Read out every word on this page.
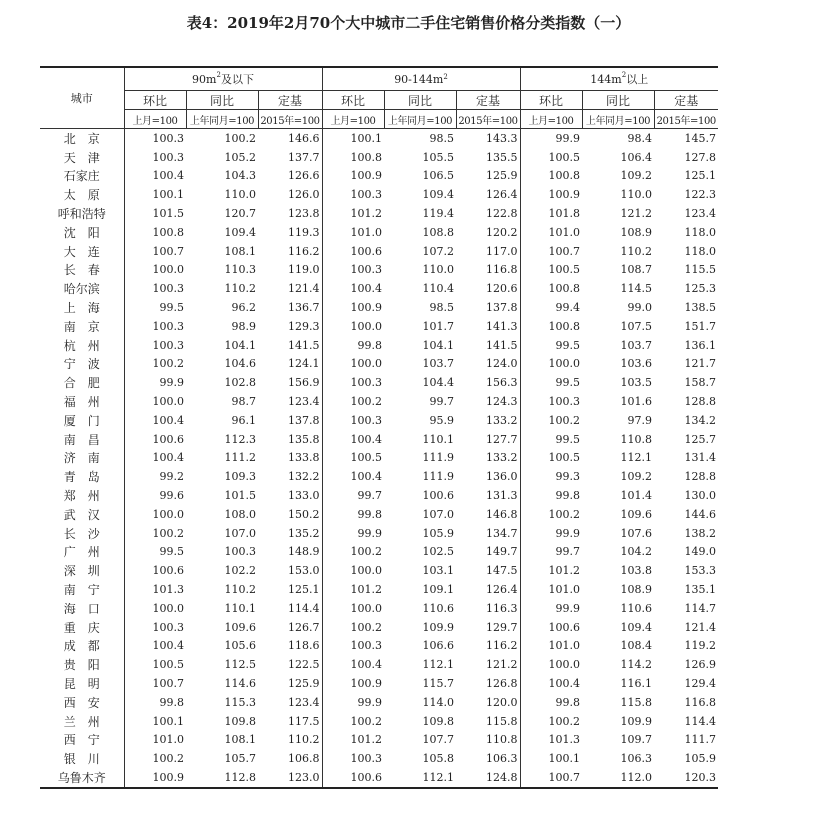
表4：2019年2月70个大中城市二手住宅销售价格分类指数（一）
城市	$90m^2$及以下			$90-144m^2$			$144m^2$以上		
	环比	同比	定基	环比	同比	定基	环比	同比	定基
	上月=100	上年同月=100	2015年=100	上月=100	上年同月=100	2015年=100	上月=100	上年同月=100	2015年=100
北　京	100.3	100.2	146.6	100.1	98.5	143.3	99.9	98.4	145.7
天　津	100.3	105.2	137.7	100.8	105.5	135.5	100.5	106.4	127.8
石家庄	100.4	104.3	126.6	100.9	106.5	125.9	100.8	109.2	125.1
太　原	100.1	110.0	126.0	100.3	109.4	126.4	100.9	110.0	122.3
呼和浩特	101.5	120.7	123.8	101.2	119.4	122.8	101.8	121.2	123.4
沈　阳	100.8	109.4	119.3	101.0	108.8	120.2	101.0	108.9	118.0
大　连	100.7	108.1	116.2	100.6	107.2	117.0	100.7	110.2	118.0
长　春	100.0	110.3	119.0	100.3	110.0	116.8	100.5	108.7	115.5
哈尔滨	100.3	110.2	121.4	100.4	110.4	120.6	100.8	114.5	125.3
上　海	99.5	96.2	136.7	100.9	98.5	137.8	99.4	99.0	138.5
南　京	100.3	98.9	129.3	100.0	101.7	141.3	100.8	107.5	151.7
杭　州	100.3	104.1	141.5	99.8	104.1	141.5	99.5	103.7	136.1
宁　波	100.2	104.6	124.1	100.0	103.7	124.0	100.0	103.6	121.7
合　肥	99.9	102.8	156.9	100.3	104.4	156.3	99.5	103.5	158.7
福　州	100.0	98.7	123.4	100.2	99.7	124.3	100.3	101.6	128.8
厦　门	100.4	96.1	137.8	100.3	95.9	133.2	100.2	97.9	134.2
南　昌	100.6	112.3	135.8	100.4	110.1	127.7	99.5	110.8	125.7
济　南	100.4	111.2	133.8	100.5	111.9	133.2	100.5	112.1	131.4
青　岛	99.2	109.3	132.2	100.4	111.9	136.0	99.3	109.2	128.8
郑　州	99.6	101.5	133.0	99.7	100.6	131.3	99.8	101.4	130.0
武　汉	100.0	108.0	150.2	99.8	107.0	146.8	100.2	109.6	144.6
长　沙	100.2	107.0	135.2	99.9	105.9	134.7	99.9	107.6	138.2
广　州	99.5	100.3	148.9	100.2	102.5	149.7	99.7	104.2	149.0
深　圳	100.6	102.2	153.0	100.0	103.1	147.5	101.2	103.8	153.3
南　宁	101.3	110.2	125.1	101.2	109.1	126.4	101.0	108.9	135.1
海　口	100.0	110.1	114.4	100.0	110.6	116.3	99.9	110.6	114.7
重　庆	100.3	109.6	126.7	100.2	109.9	129.7	100.6	109.4	121.4
成　都	100.4	105.6	118.6	100.3	106.6	116.2	101.0	108.4	119.2
贵　阳	100.5	112.5	122.5	100.4	112.1	121.2	100.0	114.2	126.9
昆　明	100.7	114.6	125.9	100.9	115.7	126.8	100.4	116.1	129.4
西　安	99.8	115.3	123.4	99.9	114.0	120.0	99.8	115.8	116.8
兰　州	100.1	109.8	117.5	100.2	109.8	115.8	100.2	109.9	114.4
西　宁	101.0	108.1	110.2	101.2	107.7	110.8	101.3	109.7	111.7
银　川	100.2	105.7	106.8	100.3	105.8	106.3	100.1	106.3	105.9
乌鲁木齐	100.9	112.8	123.0	100.6	112.1	124.8	100.7	112.0	120.3
